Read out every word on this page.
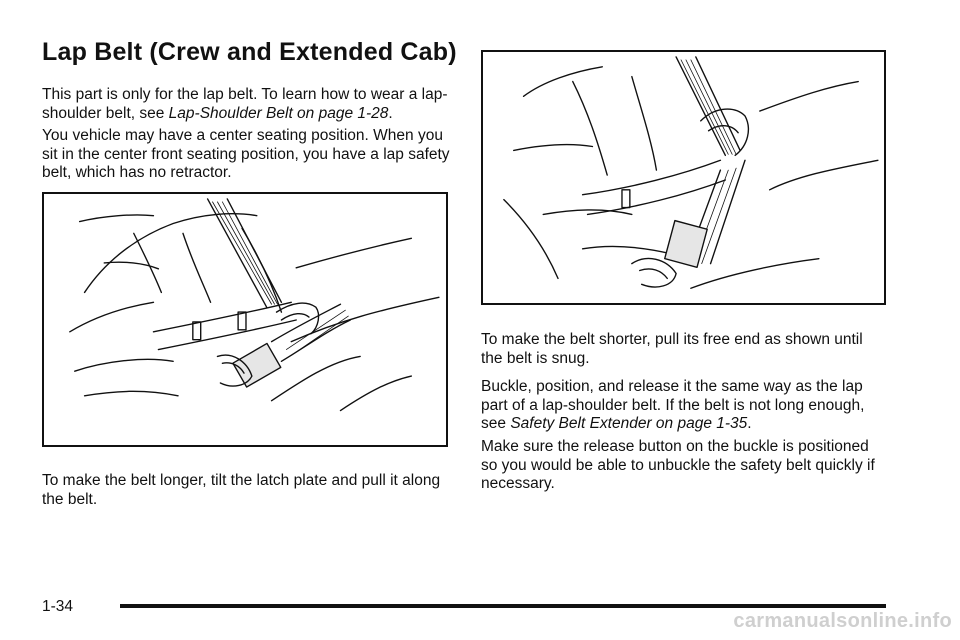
Lap Belt (Crew and Extended Cab)

This part is only for the lap belt. To learn how to wear a lap-shoulder belt, see Lap-Shoulder Belt on page 1-28.

You vehicle may have a center seating position. When you sit in the center front seating position, you have a lap safety belt, which has no retractor.

To make the belt longer, tilt the latch plate and pull it along the belt.

To make the belt shorter, pull its free end as shown until the belt is snug.

Buckle, position, and release it the same way as the lap part of a lap-shoulder belt. If the belt is not long enough, see Safety Belt Extender on page 1-35.

Make sure the release button on the buckle is positioned so you would be able to unbuckle the safety belt quickly if necessary.

1-34
carmanualsonline.info
